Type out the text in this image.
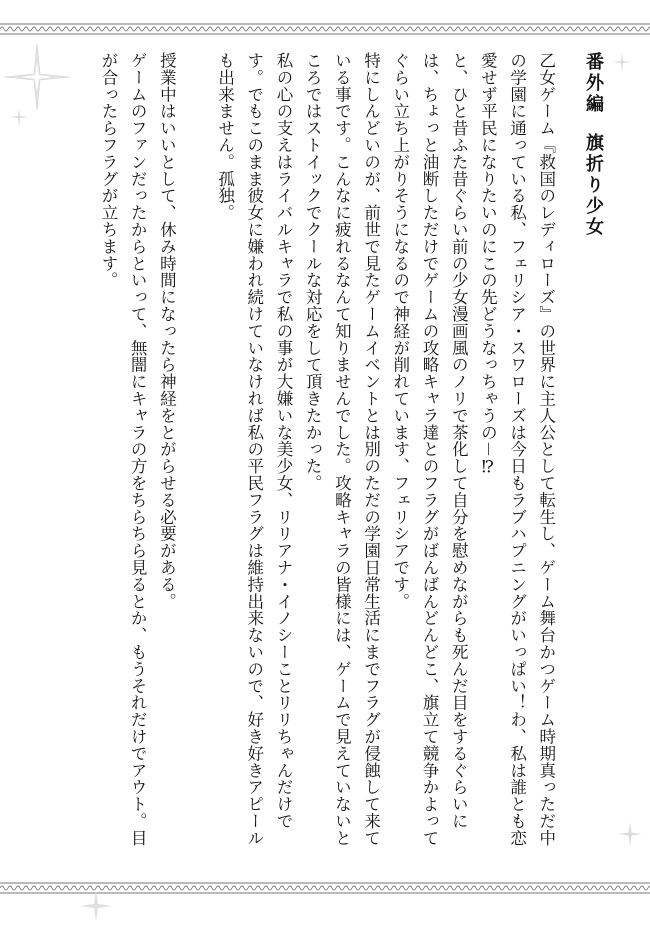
番外編旗折り少女
乙女ゲーム『救国のレディローズ』の世界に主人公として転生し、ゲーム舞台かつゲーム時期真っただ中の学園に通っている私、フェリシア・スワローズは今日もラブハプニングがいっぱい！わ、私は誰とも恋愛せず平民になりたいのにこの先どうなっちゃうの－⁉
と、ひと昔ふた昔ぐらい前の少女漫画風のノリで茶化して自分を慰めながらも死んだ目をするぐらいには、ちょっと油断しただけでゲームの攻略キャラ達とのフラグがばんばんどんどこ、旗立て競争かよってぐらい立ち上がりそうになるので神経が削れています、フェリシアです。
特にしんどいのが、前世で見たゲームイベントとは別のただの学園日常生活にまでフラグが侵蝕して来ている事です。こんなに疲れるなんて知りませんでした。攻略キャラの皆様には、ゲームで見えていないところではストイックでクールな対応をして頂きたかった。
私の心の支えはライバルキャラで私の事が大嫌いな美少女、リリアナ・イノシーことリリちゃんだけです。でもこのまま彼女に嫌われ続けていなければ私の平民フラグは維持出来ないので、好き好きアピールも出来ません。孤独。
授業中はいいとして、休み時間になったら神経をとがらせる必要がある。
ゲームのファンだったからといって、無闇にキャラの方をちらちら見るとか、もうそれだけでアウト。目が合ったらフラグが立ちます。
